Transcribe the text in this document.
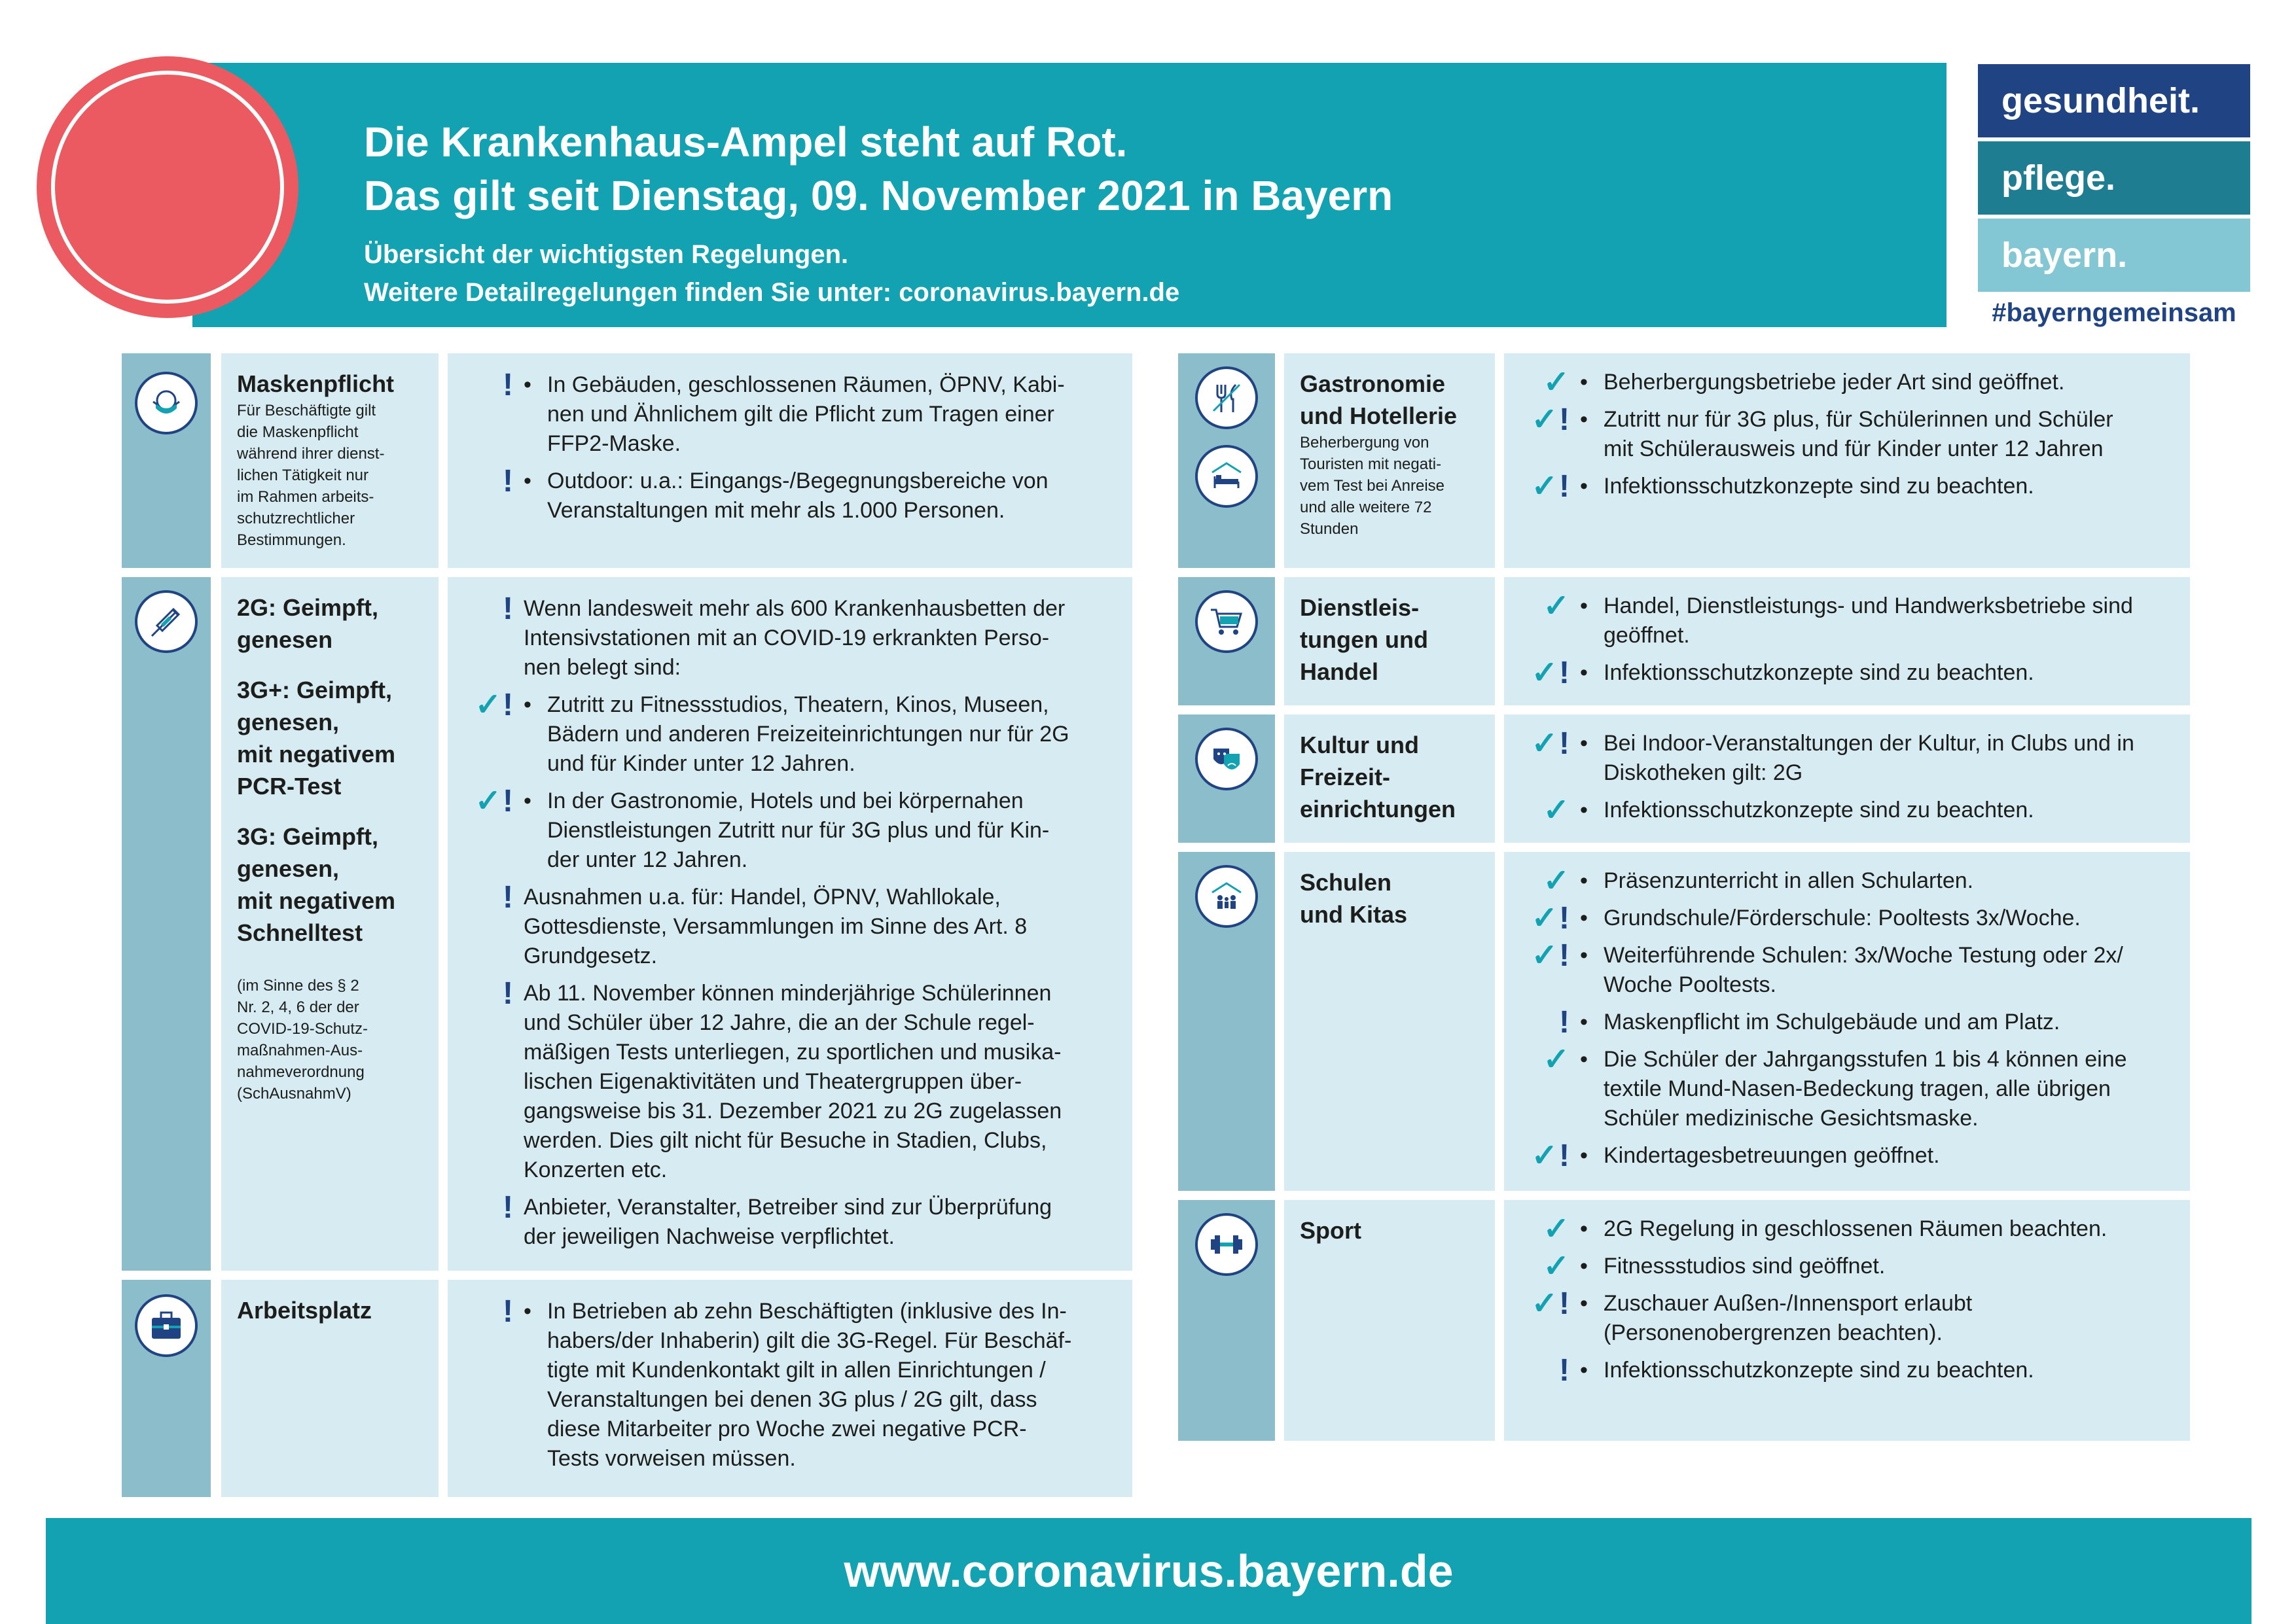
Die Krankenhaus-Ampel steht auf Rot.
Das gilt seit Dienstag, 09. November 2021 in Bayern
Übersicht der wichtigsten Regelungen.
Weitere Detailregelungen finden Sie unter: coronavirus.bayern.de
gesundheit.
pflege.
bayern.
#bayerngemeinsam
Maskenpflicht
Für Beschäftigte gilt
die Maskenpflicht
während ihrer dienst-
lichen Tätigkeit nur
im Rahmen arbeits-
schutzrechtlicher
Bestimmungen.
! • In Gebäuden, geschlossenen Räumen, ÖPNV, Kabi-
nen und Ähnlichem gilt die Pflicht zum Tragen einer
FFP2-Maske.
! • Outdoor: u.a.: Eingangs-/Begegnungsbereiche von
Veranstaltungen mit mehr als 1.000 Personen.
2G: Geimpft,
genesen
3G+: Geimpft,
genesen,
mit negativem
PCR-Test
3G: Geimpft,
genesen,
mit negativem
Schnelltest
(im Sinne des § 2
Nr. 2, 4, 6 der der
COVID-19-Schutz-
maßnahmen-Aus-
nahmeverordnung
(SchAusnahmV)
! Wenn landesweit mehr als 600 Krankenhausbetten der
Intensivstationen mit an COVID-19 erkrankten Perso-
nen belegt sind:
✓ ! • Zutritt zu Fitnessstudios, Theatern, Kinos, Museen,
Bädern und anderen Freizeiteinrichtungen nur für 2G
und für Kinder unter 12 Jahren.
✓ ! • In der Gastronomie, Hotels und bei körpernahen
Dienstleistungen Zutritt nur für 3G plus und für Kin-
der unter 12 Jahren.
! Ausnahmen u.a. für: Handel, ÖPNV, Wahllokale,
Gottesdienste, Versammlungen im Sinne des Art. 8
Grundgesetz.
! Ab 11. November können minderjährige Schülerinnen
und Schüler über 12 Jahre, die an der Schule regel-
mäßigen Tests unterliegen, zu sportlichen und musika-
lischen Eigenaktivitäten und Theatergruppen über-
gangsweise bis 31. Dezember 2021 zu 2G zugelassen
werden. Dies gilt nicht für Besuche in Stadien, Clubs,
Konzerten etc.
! Anbieter, Veranstalter, Betreiber sind zur Überprüfung
der jeweiligen Nachweise verpflichtet.
Arbeitsplatz	! • In Betrieben ab zehn Beschäftigten (inklusive des In-
habers/der Inhaberin) gilt die 3G-Regel. Für Beschäf-
tigte mit Kundenkontakt gilt in allen Einrichtungen /
Veranstaltungen bei denen 3G plus / 2G gilt, dass
diese Mitarbeiter pro Woche zwei negative PCR-
Tests vorweisen müssen.
Gastronomie
und Hotellerie
Beherbergung von
Touristen mit negati-
vem Test bei Anreise
und alle weitere 72
Stunden
✓ • Beherbergungsbetriebe jeder Art sind geöffnet.
✓ ! • Zutritt nur für 3G plus, für Schülerinnen und Schüler
mit Schülerausweis und für Kinder unter 12 Jahren
✓ ! • Infektionsschutzkonzepte sind zu beachten.
Dienstleis-
tungen und
Handel
✓ • Handel, Dienstleistungs- und Handwerksbetriebe sind
geöffnet.
✓ ! • Infektionsschutzkonzepte sind zu beachten.
Kultur und
Freizeit-
einrichtungen
✓ ! • Bei Indoor-Veranstaltungen der Kultur, in Clubs und in
Diskotheken gilt: 2G
✓ • Infektionsschutzkonzepte sind zu beachten.
Schulen
und Kitas
✓ • Präsenzunterricht in allen Schularten.
✓ ! • Grundschule/Förderschule: Pooltests 3x/Woche.
✓ ! • Weiterführende Schulen: 3x/Woche Testung oder 2x/
Woche Pooltests.
! • Maskenpflicht im Schulgebäude und am Platz.
✓ • Die Schüler der Jahrgangsstufen 1 bis 4 können eine
textile Mund-Nasen-Bedeckung tragen, alle übrigen
Schüler medizinische Gesichtsmaske.
✓ ! • Kindertagesbetreuungen geöffnet.
Sport	✓ • 2G Regelung in geschlossenen Räumen beachten.
✓ • Fitnessstudios sind geöffnet.
✓ ! • Zuschauer Außen-/Innensport erlaubt
(Personenobergrenzen beachten).
! • Infektionsschutzkonzepte sind zu beachten.
www.coronavirus.bayern.de
